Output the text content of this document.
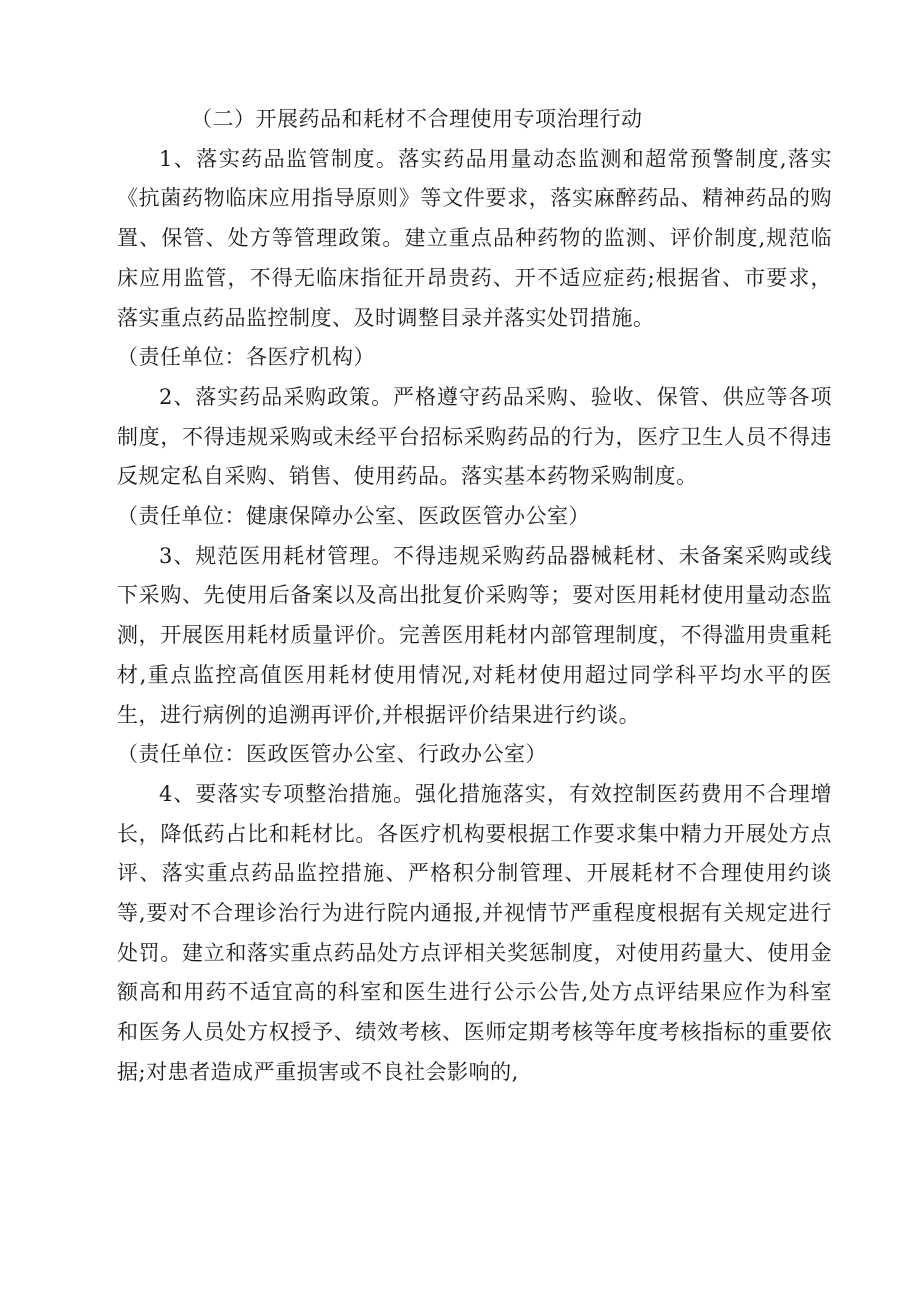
（二）开展药品和耗材不合理使用专项治理行动

1、落实药品监管制度。落实药品用量动态监测和超常预警制度,落实《抗菌药物临床应用指导原则》等文件要求，落实麻醉药品、精神药品的购置、保管、处方等管理政策。建立重点品种药物的监测、评价制度,规范临床应用监管，不得无临床指征开昂贵药、开不适应症药;根据省、市要求，落实重点药品监控制度、及时调整目录并落实处罚措施。
（责任单位：各医疗机构）

2、落实药品采购政策。严格遵守药品采购、验收、保管、供应等各项制度，不得违规采购或未经平台招标采购药品的行为，医疗卫生人员不得违反规定私自采购、销售、使用药品。落实基本药物采购制度。
（责任单位：健康保障办公室、医政医管办公室）

3、规范医用耗材管理。不得违规采购药品器械耗材、未备案采购或线下采购、先使用后备案以及高出批复价采购等；要对医用耗材使用量动态监测，开展医用耗材质量评价。完善医用耗材内部管理制度，不得滥用贵重耗材,重点监控高值医用耗材使用情况,对耗材使用超过同学科平均水平的医生，进行病例的追溯再评价,并根据评价结果进行约谈。
（责任单位：医政医管办公室、行政办公室）

4、要落实专项整治措施。强化措施落实，有效控制医药费用不合理增长，降低药占比和耗材比。各医疗机构要根据工作要求集中精力开展处方点评、落实重点药品监控措施、严格积分制管理、开展耗材不合理使用约谈等,要对不合理诊治行为进行院内通报,并视情节严重程度根据有关规定进行处罚。建立和落实重点药品处方点评相关奖惩制度，对使用药量大、使用金额高和用药不适宜高的科室和医生进行公示公告,处方点评结果应作为科室和医务人员处方权授予、绩效考核、医师定期考核等年度考核指标的重要依据;对患者造成严重损害或不良社会影响的,
